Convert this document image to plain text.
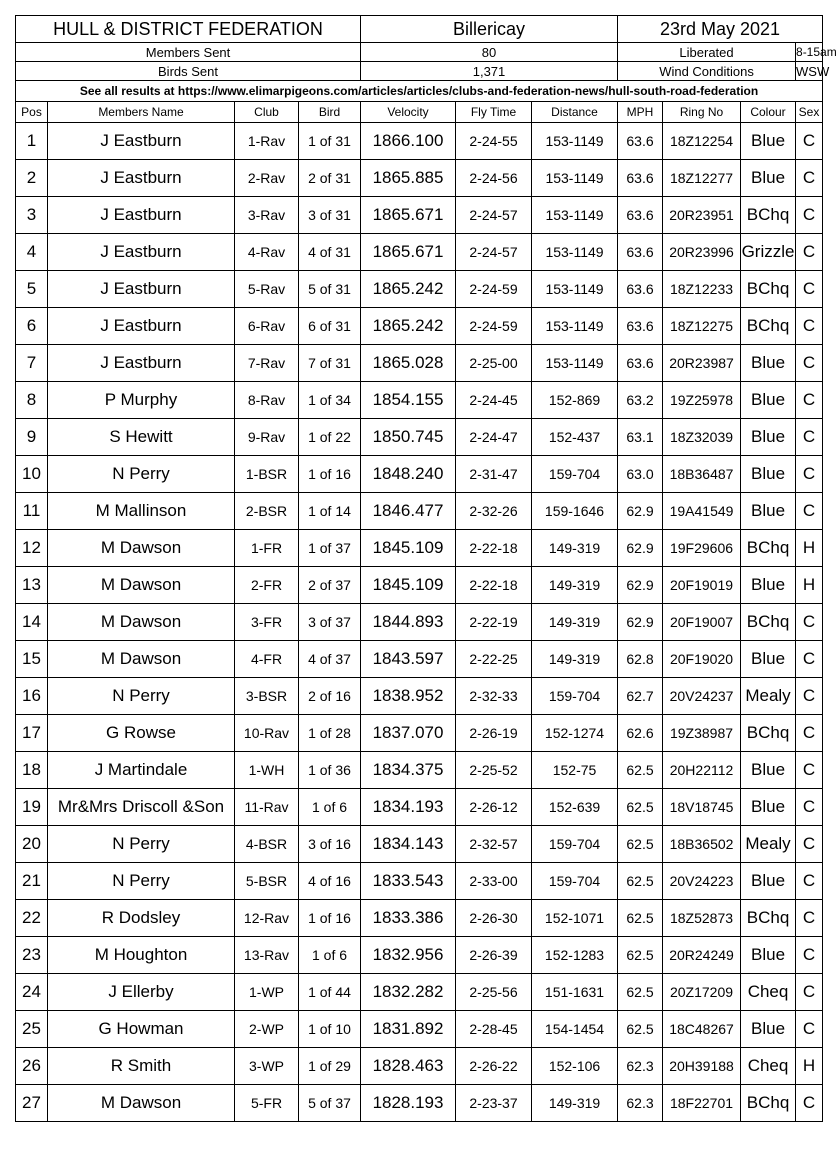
HULL & DISTRICT FEDERATION				Billericay			23rd May 2021			
Members Sent				80			Liberated			8-15am
Birds Sent				1,371			Wind Conditions			WSW
See all results at https://www.elimarpigeons.com/articles/articles/clubs-and-federation-news/hull-south-road-federation										
Pos	Members Name	Club	Bird	Velocity	Fly Time	Distance	MPH	Ring No	Colour	Sex
1	J Eastburn	1-Rav	1 of 31	1866.100	2-24-55	153-1149	63.6	18Z12254	Blue	C
2	J Eastburn	2-Rav	2 of 31	1865.885	2-24-56	153-1149	63.6	18Z12277	Blue	C
3	J Eastburn	3-Rav	3 of 31	1865.671	2-24-57	153-1149	63.6	20R23951	BChq	C
4	J Eastburn	4-Rav	4 of 31	1865.671	2-24-57	153-1149	63.6	20R23996	Grizzle	C
5	J Eastburn	5-Rav	5 of 31	1865.242	2-24-59	153-1149	63.6	18Z12233	BChq	C
6	J Eastburn	6-Rav	6 of 31	1865.242	2-24-59	153-1149	63.6	18Z12275	BChq	C
7	J Eastburn	7-Rav	7 of 31	1865.028	2-25-00	153-1149	63.6	20R23987	Blue	C
8	P Murphy	8-Rav	1 of 34	1854.155	2-24-45	152-869	63.2	19Z25978	Blue	C
9	S Hewitt	9-Rav	1 of 22	1850.745	2-24-47	152-437	63.1	18Z32039	Blue	C
10	N Perry	1-BSR	1 of 16	1848.240	2-31-47	159-704	63.0	18B36487	Blue	C
11	M Mallinson	2-BSR	1 of 14	1846.477	2-32-26	159-1646	62.9	19A41549	Blue	C
12	M Dawson	1-FR	1 of 37	1845.109	2-22-18	149-319	62.9	19F29606	BChq	H
13	M Dawson	2-FR	2 of 37	1845.109	2-22-18	149-319	62.9	20F19019	Blue	H
14	M Dawson	3-FR	3 of 37	1844.893	2-22-19	149-319	62.9	20F19007	BChq	C
15	M Dawson	4-FR	4 of 37	1843.597	2-22-25	149-319	62.8	20F19020	Blue	C
16	N Perry	3-BSR	2 of 16	1838.952	2-32-33	159-704	62.7	20V24237	Mealy	C
17	G Rowse	10-Rav	1 of 28	1837.070	2-26-19	152-1274	62.6	19Z38987	BChq	C
18	J Martindale	1-WH	1 of 36	1834.375	2-25-52	152-75	62.5	20H22112	Blue	C
19	Mr&Mrs Driscoll &Son	11-Rav	1 of 6	1834.193	2-26-12	152-639	62.5	18V18745	Blue	C
20	N Perry	4-BSR	3 of 16	1834.143	2-32-57	159-704	62.5	18B36502	Mealy	C
21	N Perry	5-BSR	4 of 16	1833.543	2-33-00	159-704	62.5	20V24223	Blue	C
22	R Dodsley	12-Rav	1 of 16	1833.386	2-26-30	152-1071	62.5	18Z52873	BChq	C
23	M Houghton	13-Rav	1 of 6	1832.956	2-26-39	152-1283	62.5	20R24249	Blue	C
24	J Ellerby	1-WP	1 of 44	1832.282	2-25-56	151-1631	62.5	20Z17209	Cheq	C
25	G Howman	2-WP	1 of 10	1831.892	2-28-45	154-1454	62.5	18C48267	Blue	C
26	R Smith	3-WP	1 of 29	1828.463	2-26-22	152-106	62.3	20H39188	Cheq	H
27	M Dawson	5-FR	5 of 37	1828.193	2-23-37	149-319	62.3	18F22701	BChq	C
